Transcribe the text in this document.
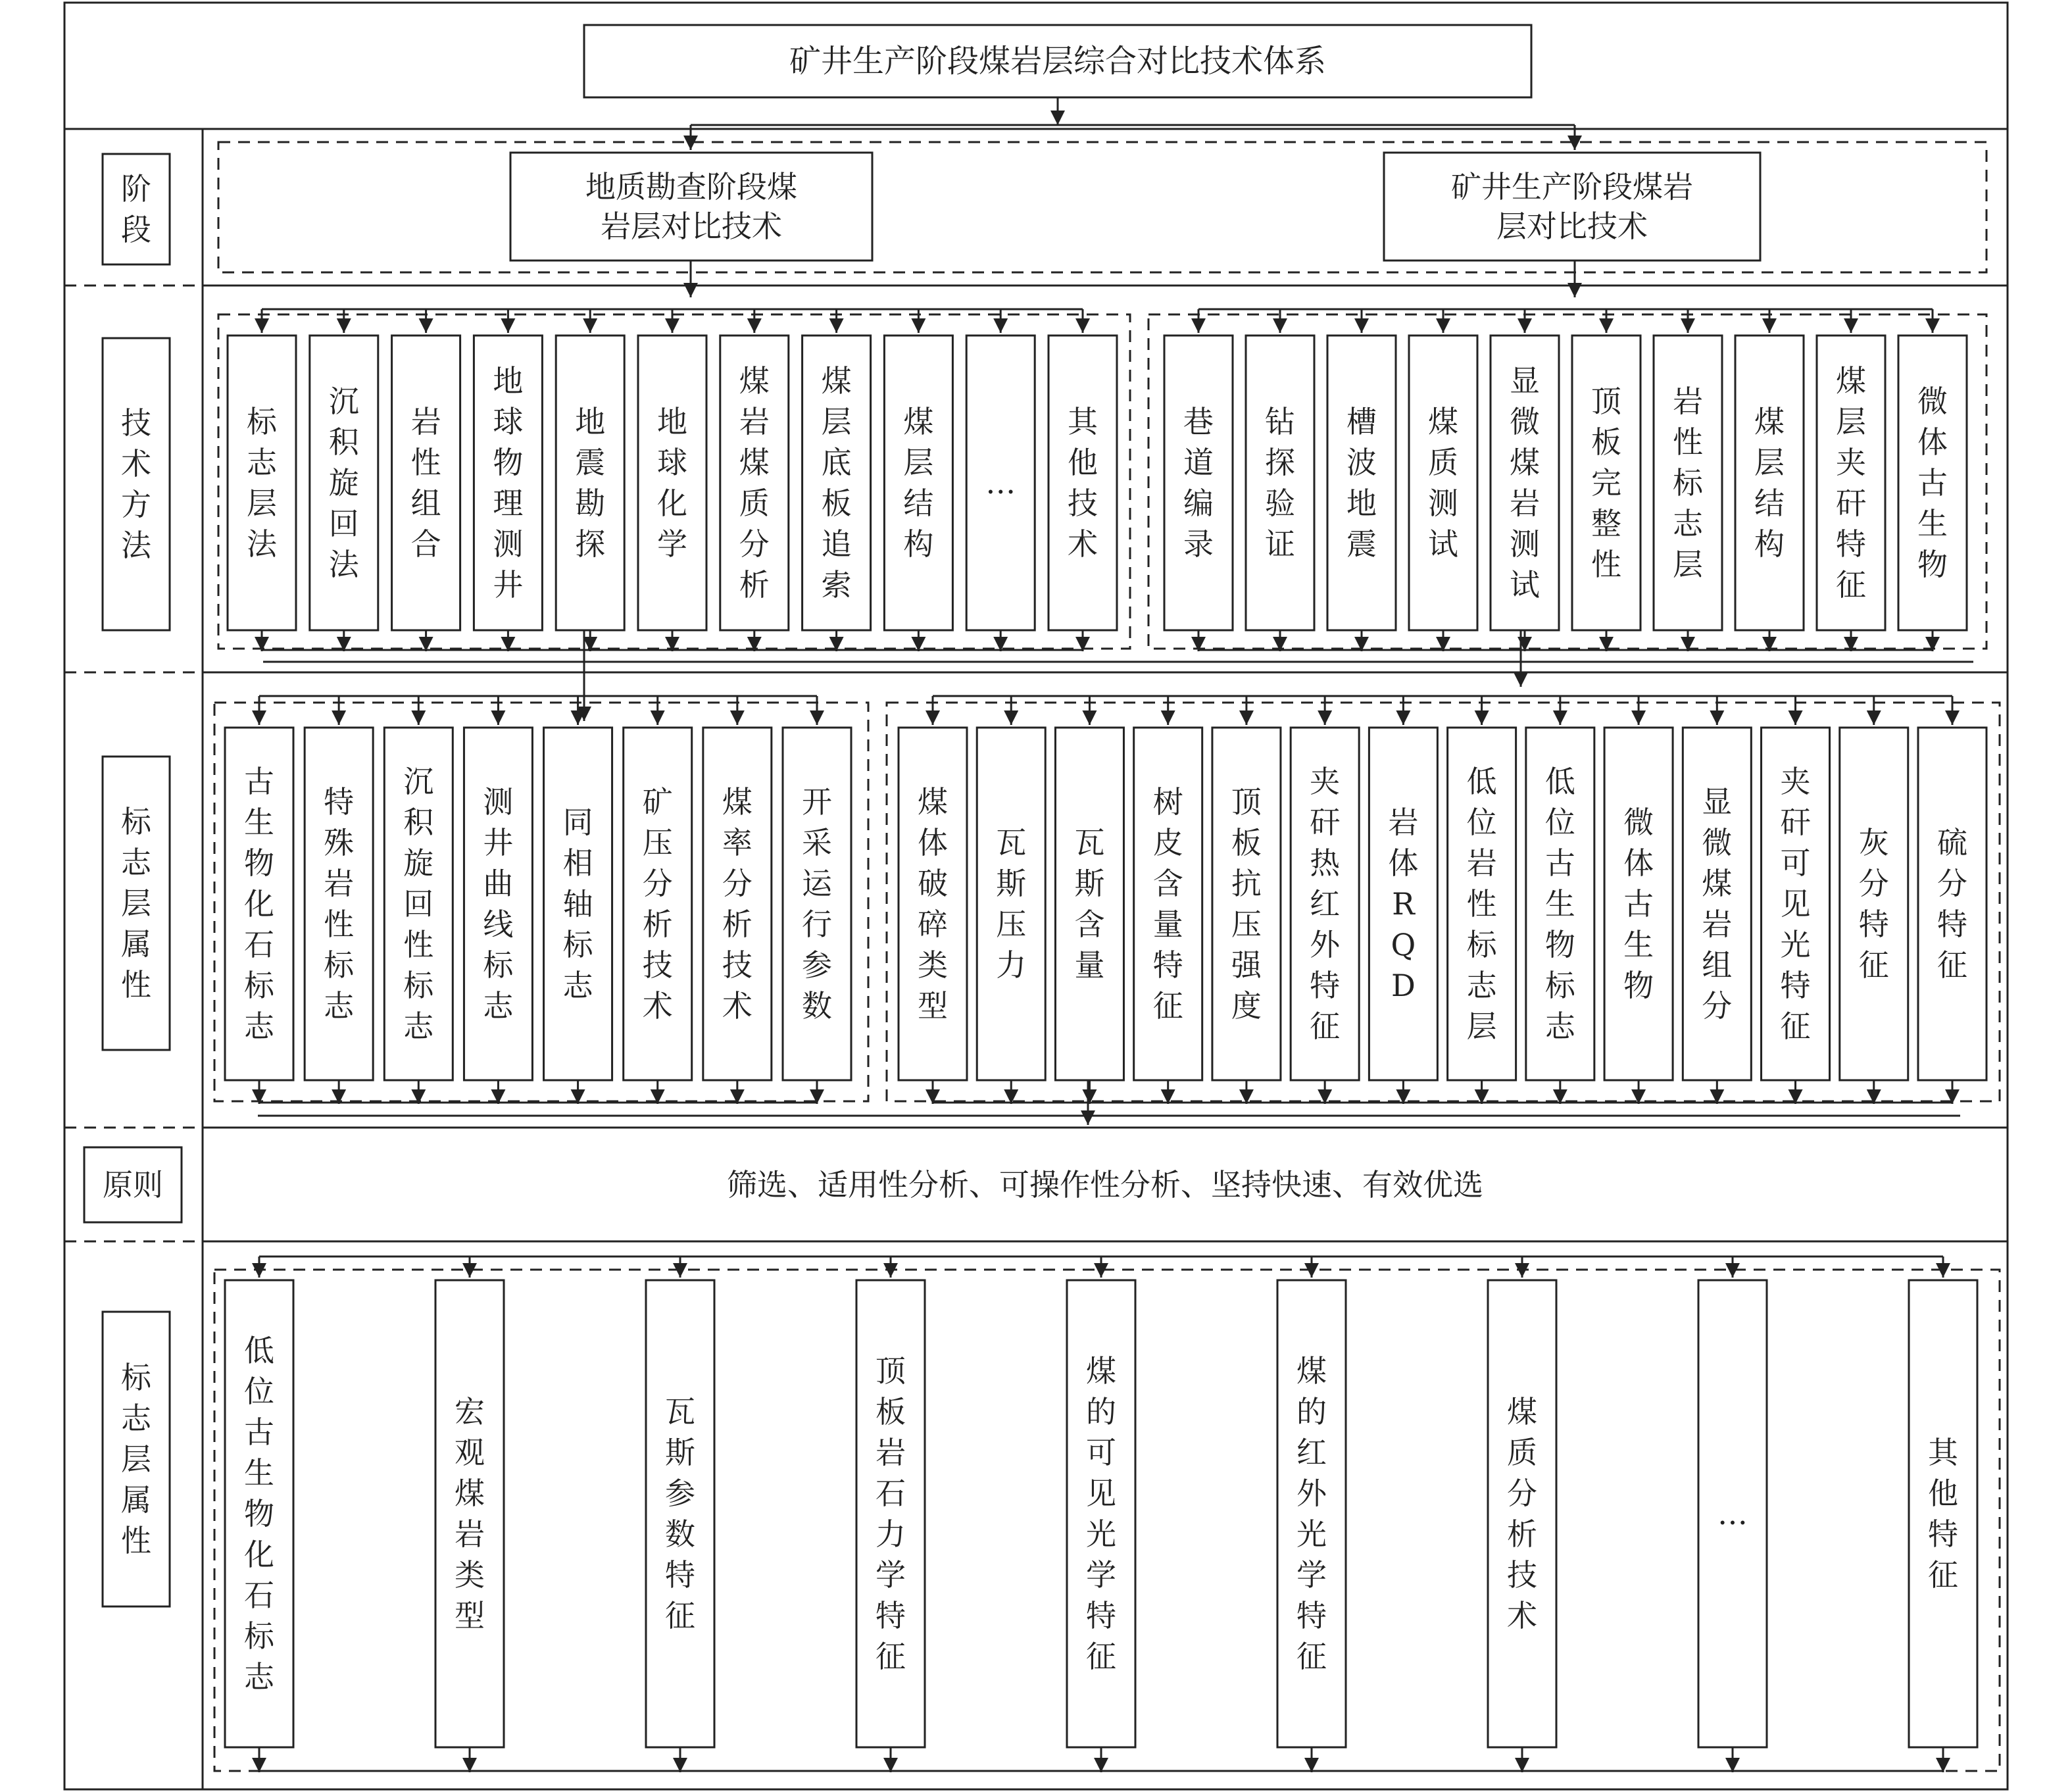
矿井生产阶段煤岩层综合对比技术体系
阶段
技术方法
标志层属性
原则
标志层属性
地质勘查阶段煤岩层对比技术
矿井生产阶段煤岩层对比技术
标志层法
沉积旋回法
岩性组合
地球物理测井
地震勘探
地球化学
煤岩煤质分析
煤层底板追索
煤层结构
…
其他技术
巷道编录
钻探验证
槽波地震
煤质测试
显微煤岩测试
顶板完整性
岩性标志层
煤层结构
煤层夹矸特征
微体古生物
古生物化石标志
特殊岩性标志
沉积旋回性标志
测井曲线标志
同相轴标志
矿压分析技术
煤率分析技术
开采运行参数
煤体破碎类型
瓦斯压力
瓦斯含量
树皮含量特征
顶板抗压强度
夹矸热红外特征
岩体 R Q D
低位岩性标志层
低位古生物标志
微体古生物
显微煤岩组分
夹矸可见光特征
灰分特征
硫分特征
筛选、适用性分析、可操作性分析、坚持快速、有效优选
低位古生物化石标志
宏观煤岩类型
瓦斯参数特征
顶板岩石力学特征
煤的可见光学特征
煤的红外光学特征
煤质分析技术
…
其他特征
